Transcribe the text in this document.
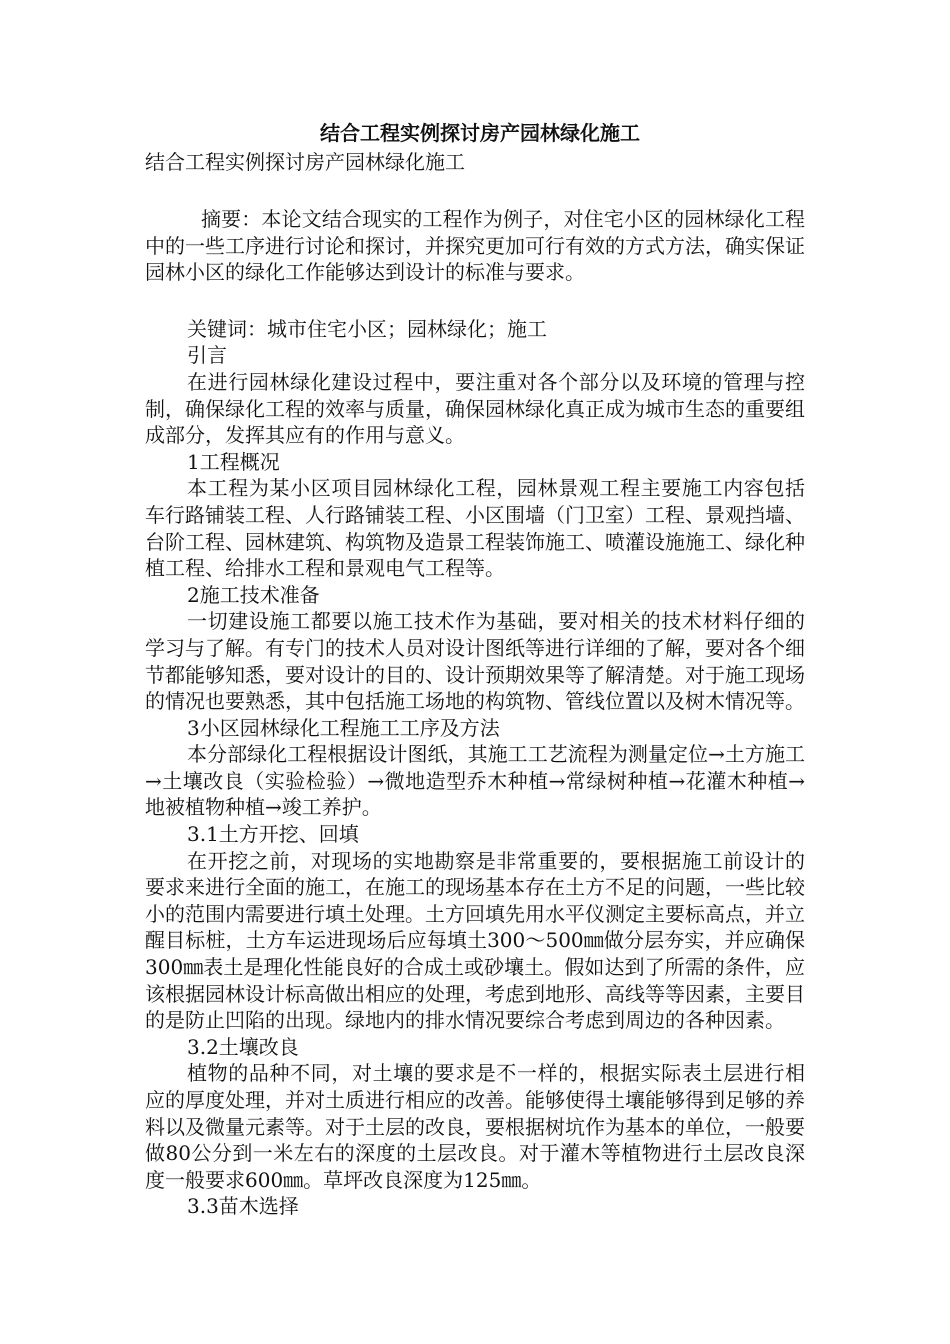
结合工程实例探讨房产园林绿化施工

结合工程实例探讨房产园林绿化施工

摘要：本论文结合现实的工程作为例子，对住宅小区的园林绿化工程中的一些工序进行讨论和探讨，并探究更加可行有效的方式方法，确实保证园林小区的绿化工作能够达到设计的标准与要求。

关键词：城市住宅小区；园林绿化；施工

引言

在进行园林绿化建设过程中，要注重对各个部分以及环境的管理与控制，确保绿化工程的效率与质量，确保园林绿化真正成为城市生态的重要组成部分，发挥其应有的作用与意义。

1工程概况

本工程为某小区项目园林绿化工程，园林景观工程主要施工内容包括车行路铺装工程、人行路铺装工程、小区围墙（门卫室）工程、景观挡墙、台阶工程、园林建筑、构筑物及造景工程装饰施工、喷灌设施施工、绿化种植工程、给排水工程和景观电气工程等。

2施工技术准备

一切建设施工都要以施工技术作为基础，要对相关的技术材料仔细的学习与了解。有专门的技术人员对设计图纸等进行详细的了解，要对各个细节都能够知悉，要对设计的目的、设计预期效果等了解清楚。对于施工现场的情况也要熟悉，其中包括施工场地的构筑物、管线位置以及树木情况等。

3小区园林绿化工程施工工序及方法

本分部绿化工程根据设计图纸，其施工工艺流程为测量定位→土方施工→土壤改良（实验检验）→微地造型乔木种植→常绿树种植→花灌木种植→地被植物种植→竣工养护。

3.1土方开挖、回填

在开挖之前，对现场的实地勘察是非常重要的，要根据施工前设计的要求来进行全面的施工，在施工的现场基本存在土方不足的问题，一些比较小的范围内需要进行填土处理。土方回填先用水平仪测定主要标高点，并立醒目标桩，土方车运进现场后应每填土300～500㎜做分层夯实，并应确保300㎜表土是理化性能良好的合成土或砂壤土。假如达到了所需的条件，应该根据园林设计标高做出相应的处理，考虑到地形、高线等等因素，主要目的是防止凹陷的出现。绿地内的排水情况要综合考虑到周边的各种因素。

3.2土壤改良

植物的品种不同，对土壤的要求是不一样的，根据实际表土层进行相应的厚度处理，并对土质进行相应的改善。能够使得土壤能够得到足够的养料以及微量元素等。对于土层的改良，要根据树坑作为基本的单位，一般要做80公分到一米左右的深度的土层改良。对于灌木等植物进行土层改良深度一般要求600㎜。草坪改良深度为125㎜。

3.3苗木选择
